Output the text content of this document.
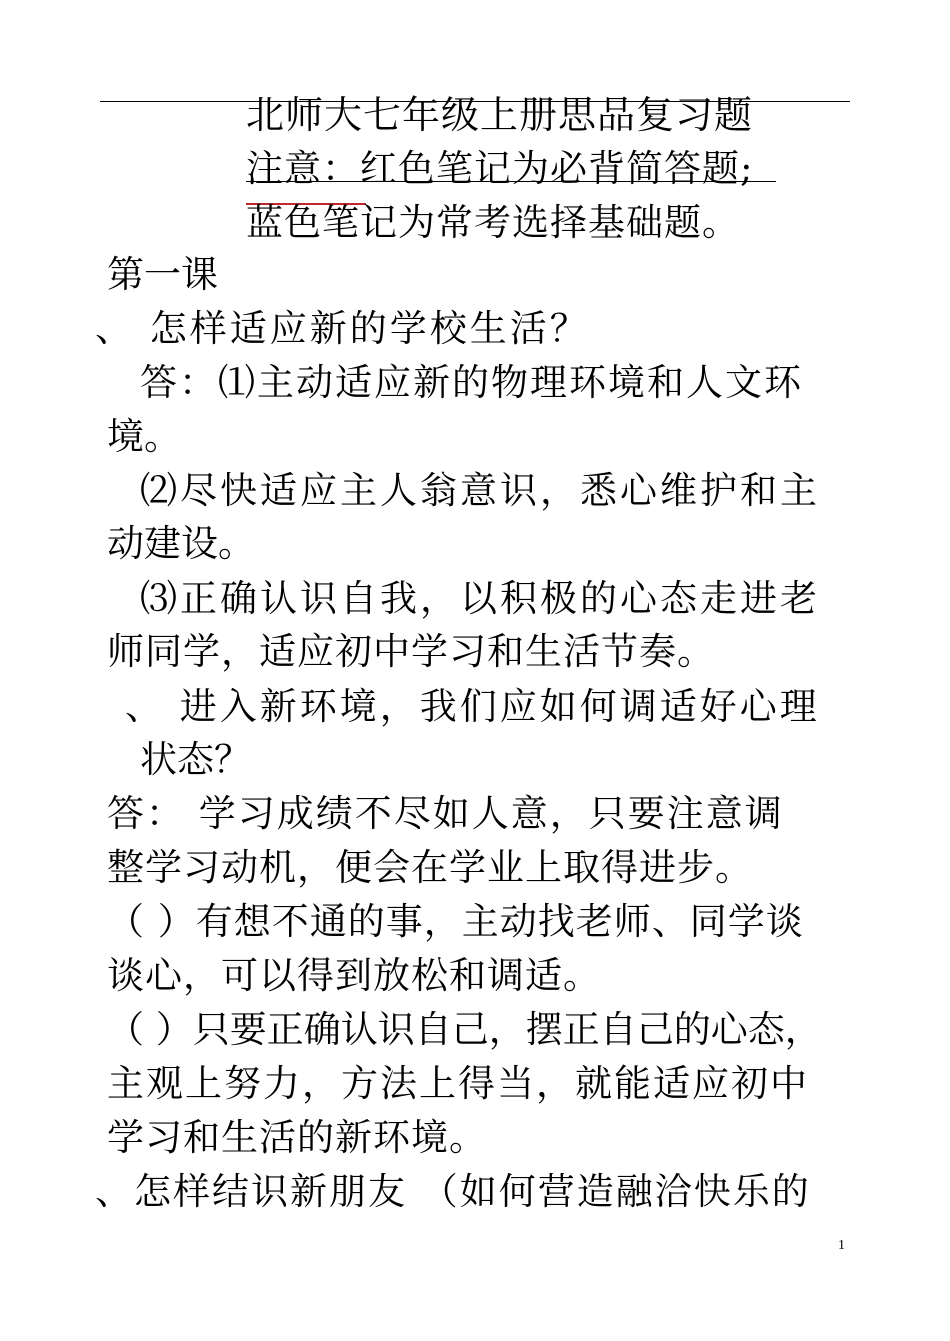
北师大七年级上册思品复习题
注意：红色笔记为必背简答题;
蓝色笔记为常考选择基础题。
第一课
、 怎样适应新的学校生活？
答：⑴主动适应新的物理环境和人文环
境。
⑵尽快适应主人翁意识，悉心维护和主
动建设。
⑶正确认识自我，以积极的心态走进老
师同学，适应初中学习和生活节奏。
、 进入新环境，我们应如何调适好心理
状态？
答： 学习成绩不尽如人意，只要注意调
整学习动机，便会在学业上取得进步。
（ ）有想不通的事，主动找老师、同学谈
谈心，可以得到放松和调适。
（ ）只要正确认识自己，摆正自己的心态，
主观上努力，方法上得当，就能适应初中
学习和生活的新环境。
、怎样结识新朋友 （如何营造融洽快乐的
1
